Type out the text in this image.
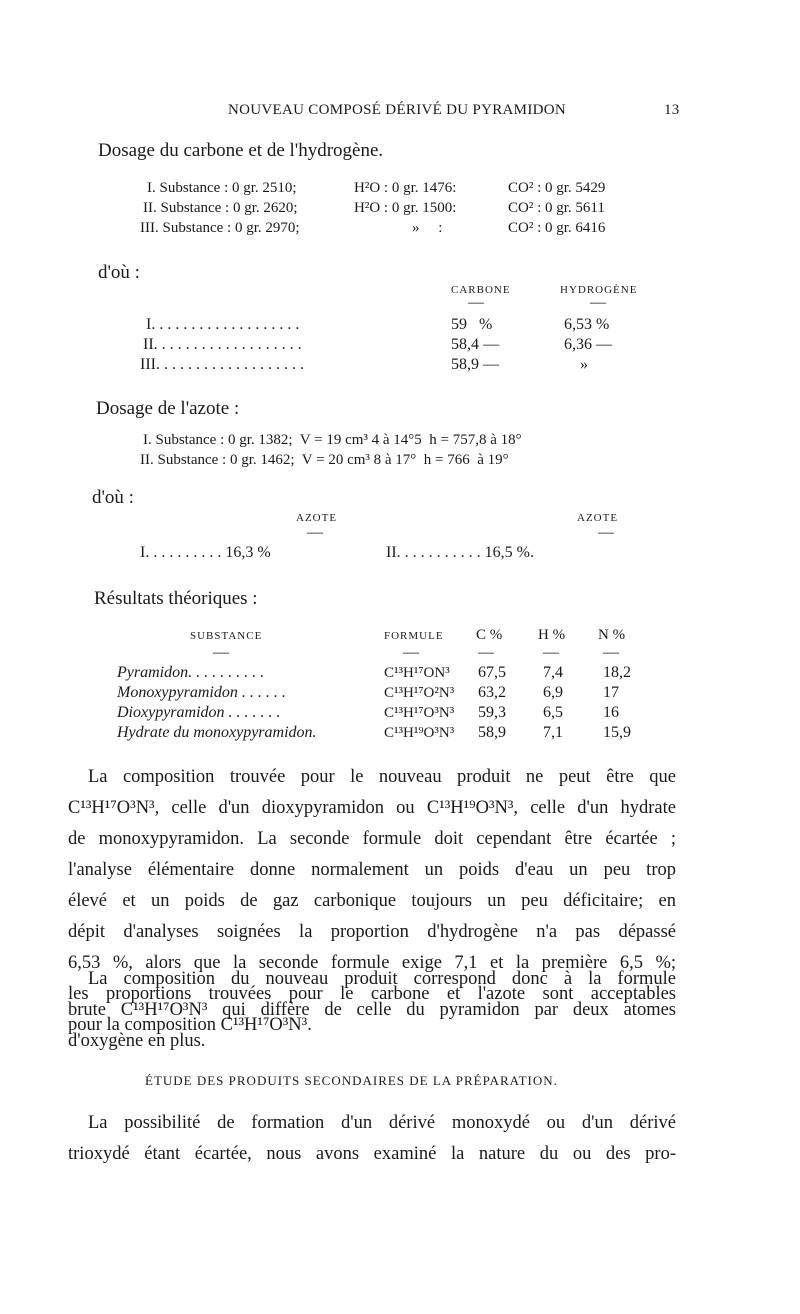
NOUVEAU COMPOSÉ DÉRIVÉ DU PYRAMIDON	13
Dosage du carbone et de l'hydrogène.
I. Substance : 0 gr. 2510;	H²O : 0 gr. 1476:	CO² : 0 gr. 5429
II. Substance : 0 gr. 2620;	H²O : 0 gr. 1500:	CO² : 0 gr. 5611
III. Substance : 0 gr. 2970;	»     :	CO² : 0 gr. 6416
d'où :
CARBONE	HYDROGÈNE
—	—
I. . . . . . . . . . . . . . . . . . .	59   %	6,53 %
II. . . . . . . . . . . . . . . . . . .	58,4 —	6,36 —
III. . . . . . . . . . . . . . . . . . .	58,9 —	»
Dosage de l'azote :
I. Substance : 0 gr. 1382;  V = 19 cm³ 4 à 14°5  h = 757,8 à 18°
II. Substance : 0 gr. 1462;  V = 20 cm³ 8 à 17°  h = 766  à 19°
d'où :
AZOTE	AZOTE
—	—
I. . . . . . . . . . 16,3 %	II. . . . . . . . . . . 16,5 %.
Résultats théoriques :
SUBSTANCE	FORMULE C % H % N %
—	—	—	—	—
Pyramidon. . . . . . . . . .	C¹³H¹⁷ON³ 67,5 7,4	18,2
Monoxypyramidon . . . . . .	C¹³H¹⁷O²N³ 63,2 6,9	17
Dioxypyramidon . . . . . . .	C¹³H¹⁷O³N³ 59,3 6,5	16
Hydrate du monoxypyramidon.	C¹³H¹⁹O³N³ 58,9 7,1	15,9
La composition trouvée pour le nouveau produit ne peut être que
C¹³H¹⁷O³N³, celle d'un dioxypyramidon ou C¹³H¹⁹O³N³, celle d'un hydrate
de monoxypyramidon. La seconde formule doit cependant être écartée ;
l'analyse élémentaire donne normalement un poids d'eau un peu trop
élevé et un poids de gaz carbonique toujours un peu déficitaire; en
dépit d'analyses soignées la proportion d'hydrogène n'a pas dépassé
6,53 %, alors que la seconde formule exige 7,1 et la première 6,5 %;
les proportions trouvées pour le carbone et l'azote sont acceptables
pour la composition C¹³H¹⁷O³N³.
La composition du nouveau produit correspond donc à la formule
brute C¹³H¹⁷O³N³ qui diffère de celle du pyramidon par deux atomes
d'oxygène en plus.
ÉTUDE DES PRODUITS SECONDAIRES DE LA PRÉPARATION.
La possibilité de formation d'un dérivé monoxydé ou d'un dérivé
trioxydé étant écartée, nous avons examiné la nature du ou des pro-
